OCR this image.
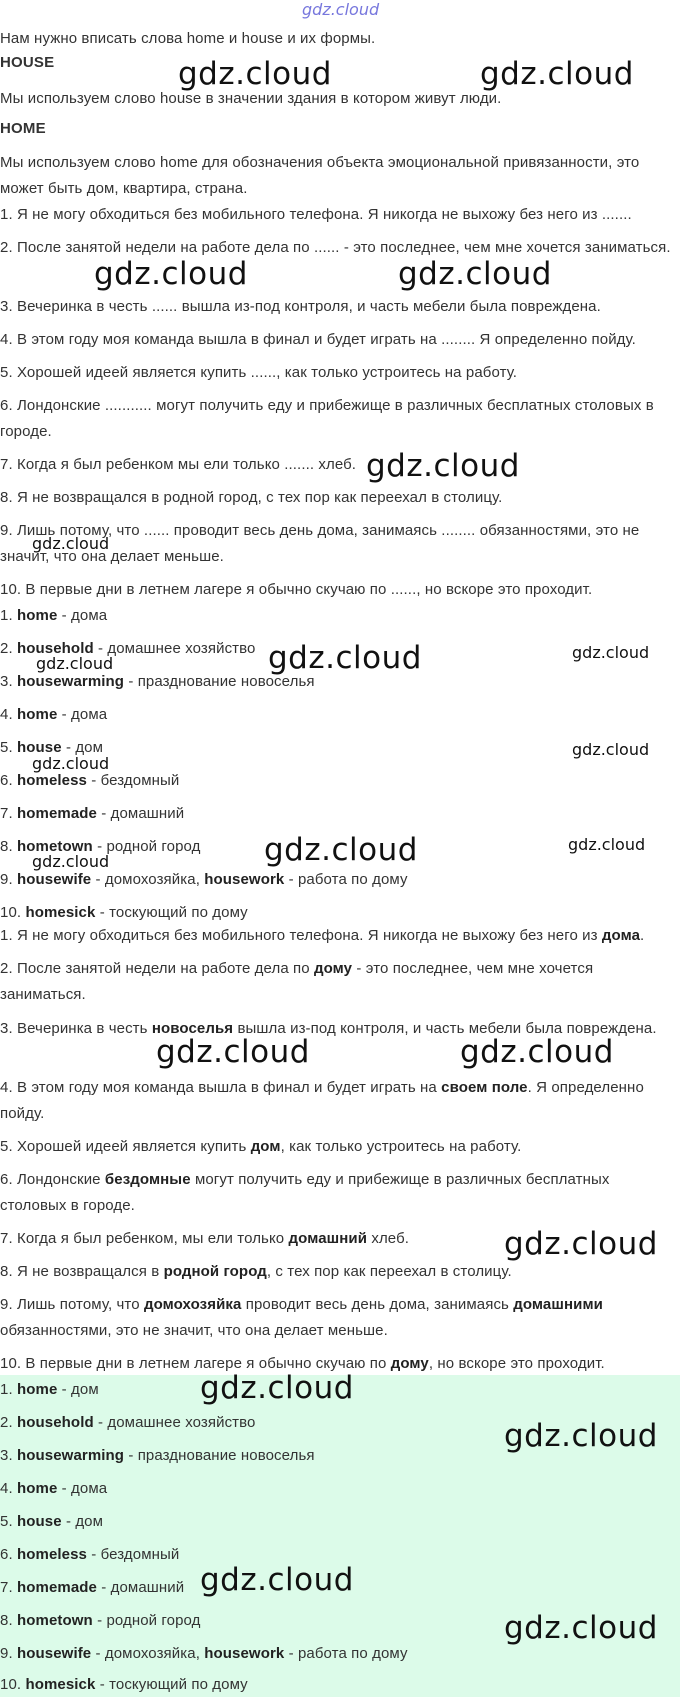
gdz.cloud
Нам нужно вписать слова home и house и их формы.
HOUSE
Мы используем слово house в значении здания в котором живут люди.
HOME
Мы используем слово home для обозначения объекта эмоциональной привязанности, это может быть дом, квартира, страна.
1. Я не могу обходиться без мобильного телефона. Я никогда не выхожу без него из .......
2. После занятой недели на работе дела по ...... - это последнее, чем мне хочется заниматься.
3. Вечеринка в честь ...... вышла из-под контроля, и часть мебели была повреждена.
4. В этом году моя команда вышла в финал и будет играть на ........ Я определенно пойду.
5. Хорошей идеей является купить ......, как только устроитесь на работу.
6. Лондонские ........... могут получить еду и прибежище в различных бесплатных столовых в городе.
7. Когда я был ребенком мы ели только ....... хлеб.
8. Я не возвращался в родной город, с тех пор как переехал в столицу.
9. Лишь потому, что ...... проводит весь день дома, занимаясь ........ обязанностями, это не значит, что она делает меньше.
10. В первые дни в летнем лагере я обычно скучаю по ......, но вскоре это проходит.
1. home - дома
2. household - домашнее хозяйство
3. housewarming - празднование новоселья
4. home - дома
5. house - дом
6. homeless - бездомный
7. homemade - домашний
8. hometown - родной город
9. housewife - домохозяйка, housework - работа по дому
10. homesick - тоскующий по дому
1. Я не могу обходиться без мобильного телефона. Я никогда не выхожу без него из дома.
2. После занятой недели на работе дела по дому - это последнее, чем мне хочется заниматься.
3. Вечеринка в честь новоселья вышла из-под контроля, и часть мебели была повреждена.
4. В этом году моя команда вышла в финал и будет играть на своем поле. Я определенно пойду.
5. Хорошей идеей является купить дом, как только устроитесь на работу.
6. Лондонские бездомные могут получить еду и прибежище в различных бесплатных столовых в городе.
7. Когда я был ребенком, мы ели только домашний хлеб.
8. Я не возвращался в родной город, с тех пор как переехал в столицу.
9. Лишь потому, что домохозяйка проводит весь день дома, занимаясь домашними обязанностями, это не значит, что она делает меньше.
10. В первые дни в летнем лагере я обычно скучаю по дому, но вскоре это проходит.
1. home - дом
2. household - домашнее хозяйство
3. housewarming - празднование новоселья
4. home - дома
5. house - дом
6. homeless - бездомный
7. homemade - домашний
8. hometown - родной город
9. housewife - домохозяйка, housework - работа по дому
10. homesick - тоскующий по дому
gdz.cloud	gdz.cloud
gdz.cloud	gdz.cloud
gdz.cloud
gdz.cloud
gdz.cloud	gdz.cloud
gdz.cloud
gdz.cloud
gdz.cloud
gdz.cloud	gdz.cloud
gdz.cloud
gdz.cloud	gdz.cloud
gdz.cloud
gdz.cloud
gdz.cloud
gdz.cloud
gdz.cloud
